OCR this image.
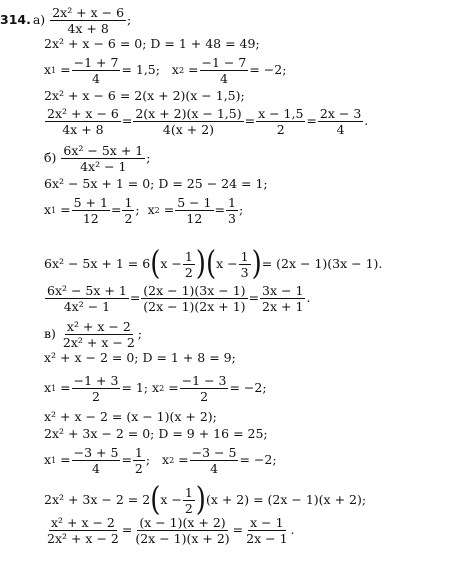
314. а) 2x² + x − 6
4x + 8
;
2x² + x − 6 = 0; D = 1 + 48 = 49;
x 1
= $\frac{-1 + 7}{4} = 1,5$;
x 2
= $\frac{-1 - 7}{4} = -2$;
2x² + x − 6 = 2(x + 2)(x − 1,5);
$\frac{\text{2x² + x − 6}}{4x + 8} = \frac{2(x + 2)(x - 1,5)}{4(x + 2)} = \frac{x - 1,5}{2} = \frac{2x - 3}{4}$ .
б) 6x² − 5x + 1
4x² − 1
;
6x² − 5x + 1 = 0; D = 25 − 24 = 1;
x 1
= $\frac{5 + 1}{12} = \frac{1}{2}$ ;
x 2
= $\frac{5 - 1}{12} = \frac{1}{3}$ ;
6x² − 5x + 1 = 6 ( $x - \frac{1}{2}$ ) ( $x - \frac{1}{3}$ ) = (2x − 1)(3x − 1).
$\frac{\text{6x² − 5x + 1}}{\text{4x² − 1}} = \frac{(2x - 1)(3x - 1)}{(2x - 1)(2x + 1)} = \frac{3x - 1}{2x + 1}$ .
в) x² + x − 2
2x² + x − 2
;
x² + x − 2 = 0; D = 1 + 8 = 9;
x 1
= $\frac{-1 + 3}{2} = 1$;
x 2
= $\frac{-1 - 3}{2} = -2$;
x² + x − 2 = (x − 1)(x + 2);
2x² + 3x − 2 = 0; D = 9 + 16 = 25;
x 1
= $\frac{-3 + 5}{4} = \frac{1}{2}$ ;
x 2
= $\frac{-3 - 5}{4} = -2$;
2x² + 3x − 2 = 2 ( $x - \frac{1}{2}$ ) (x + 2) = (2x − 1)(x + 2);
$\frac{\text{x² + x − 2}}{\text{2x² + x − 2}} = \frac{(x - 1)(x + 2)}{(2x - 1)(x + 2)} = \frac{x - 1}{2x - 1}$ .
